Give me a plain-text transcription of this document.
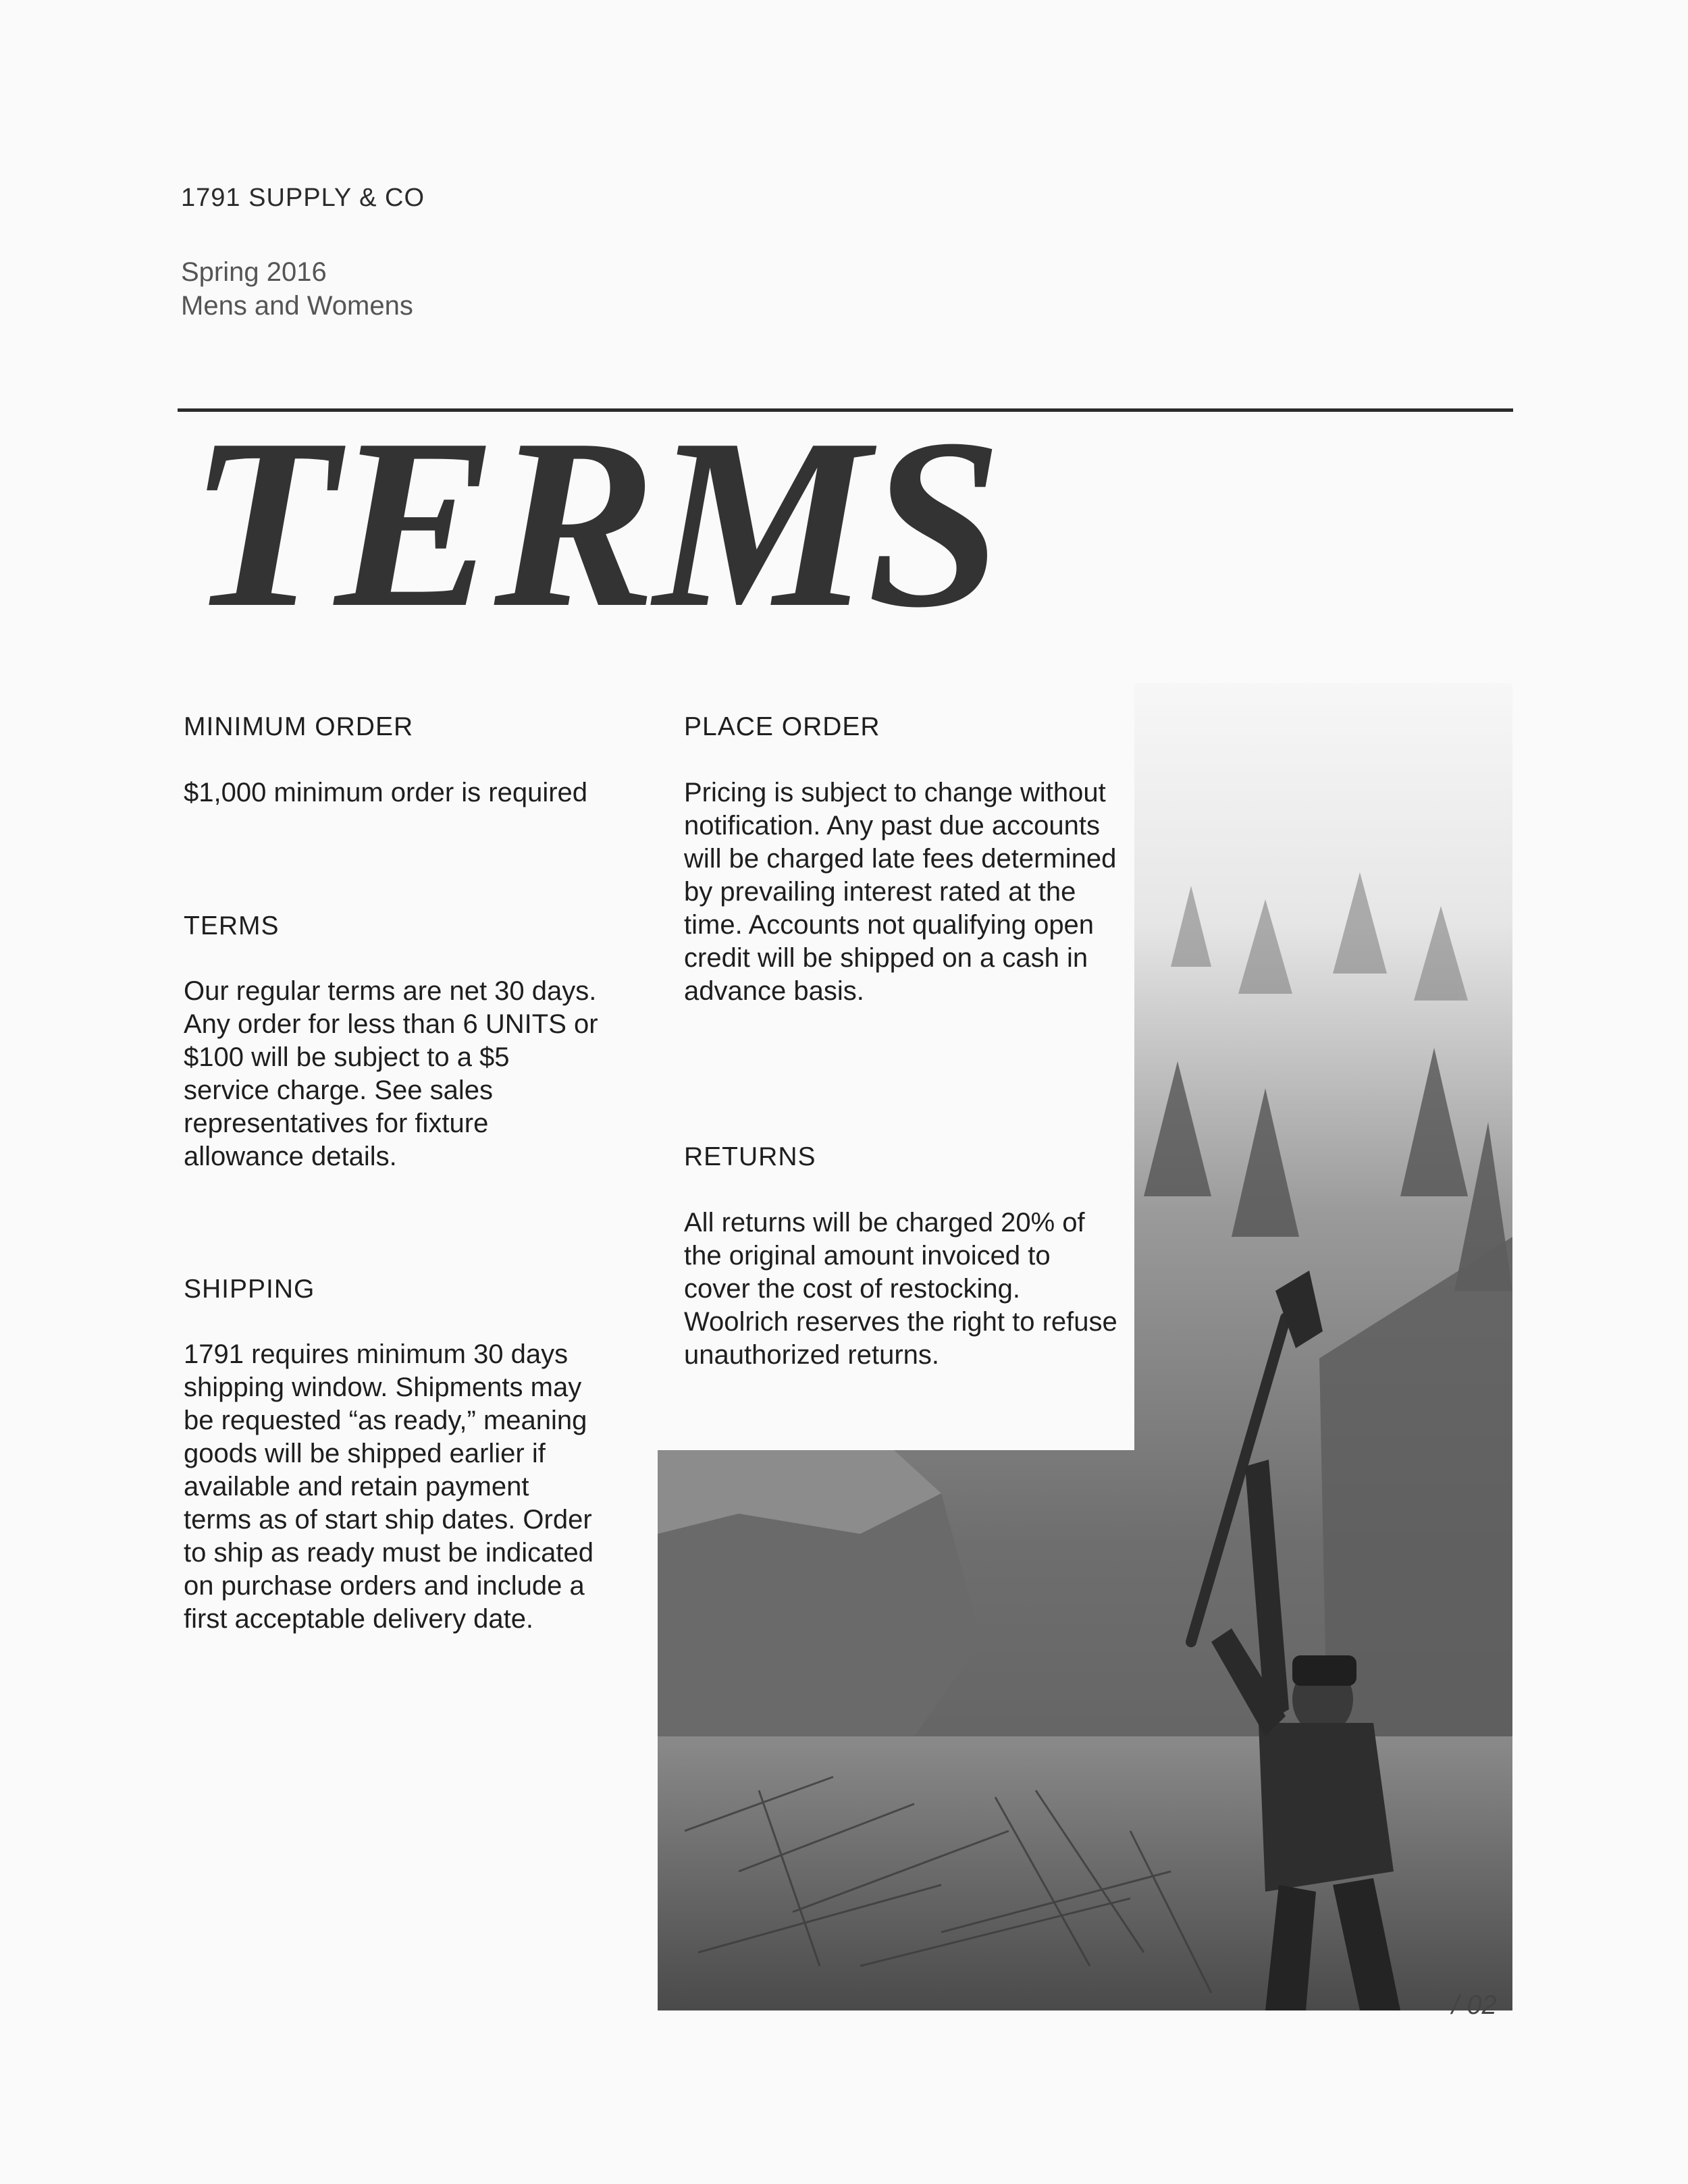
1791 SUPPLY & CO
Spring 2016
Mens and Womens
TERMS
MINIMUM ORDER

$1,000 minimum order is required

TERMS

Our regular terms are net 30 days. Any order for less than 6 UNITS or $100 will be subject to a $5 service charge. See sales representatives for fixture allowance details.

SHIPPING

1791 requires minimum 30 days shipping window. Shipments may be requested “as ready,” meaning goods will be shipped earlier if available and retain payment terms as of start ship dates. Order to ship as ready must be indicated on purchase orders and include a first acceptable delivery date.

PLACE ORDER

Pricing is subject to change without notification. Any past due accounts will be charged late fees determined by prevailing interest rated at the time. Accounts not qualifying open credit will be shipped on a cash in advance basis.

RETURNS

All returns will be charged 20% of the original amount invoiced to cover the cost of restocking. Woolrich reserves the right to refuse unauthorized returns.

/ 02
